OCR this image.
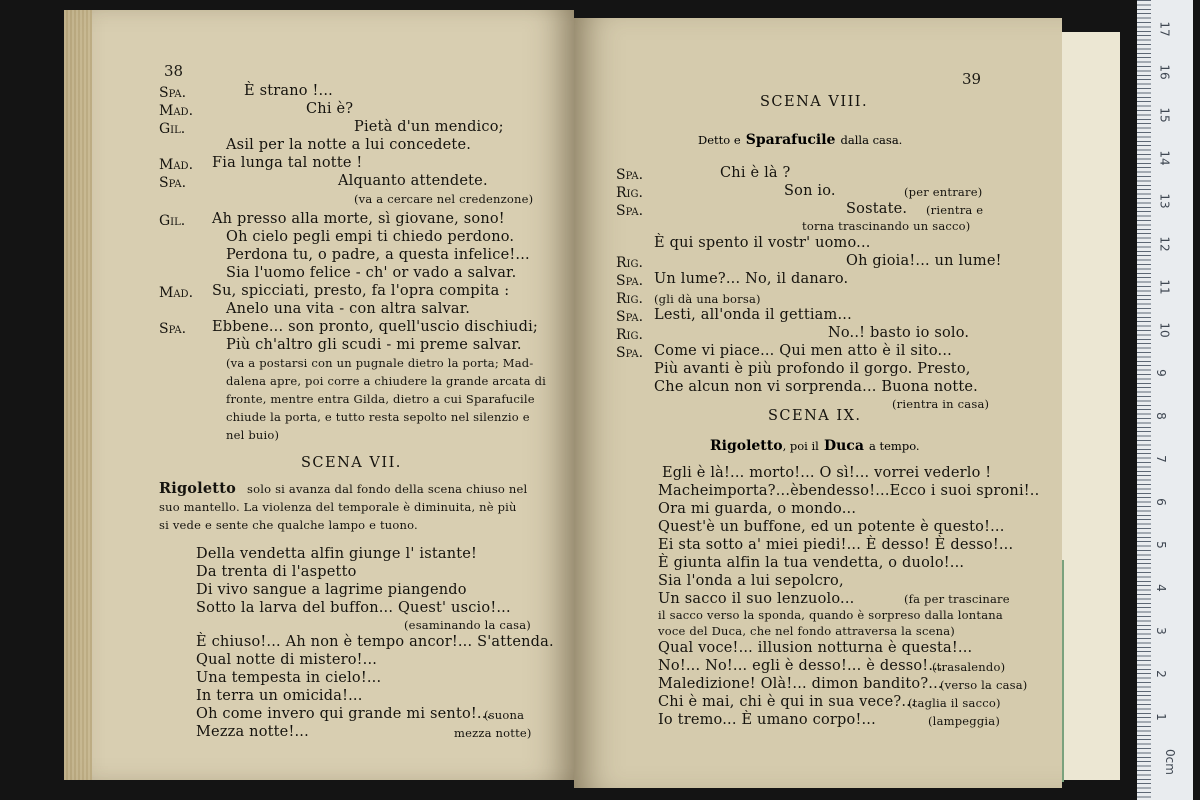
38
Spa.	È strano !...
Mad.	Chi è?
Gil.	Pietà d'un mendico;
Asil per la notte a lui concedete.
Mad. Fia lunga tal notte !
Spa.	Alquanto attendete.
(va a cercare nel credenzone)
Gil. Ah presso alla morte, sì giovane, sono!
Oh cielo pegli empi ti chiedo perdono.
Perdona tu, o padre, a questa infelice!...
Sia l'uomo felice - ch' or vado a salvar.
Mad. Su, spicciati, presto, fa l'opra compita :
Anelo una vita - con altra salvar.
Spa. Ebbene... son pronto, quell'uscio dischiudi;
Più ch'altro gli scudi - mi preme salvar.
(va a postarsi con un pugnale dietro la porta; Mad-
dalena apre, poi corre a chiudere la grande arcata di
fronte, mentre entra Gilda, dietro a cui Sparafucile
chiude la porta, e tutto resta sepolto nel silenzio e
nel buio)
SCENA VII.
Rigoletto solo si avanza dal fondo della scena chiuso nel
suo mantello. La violenza del temporale è diminuita, nè più
si vede e sente che qualche lampo e tuono.
Della vendetta alfin giunge l' istante!
Da trenta di l'aspetto
Di vivo sangue a lagrime piangendo
Sotto la larva del buffon... Quest' uscio!...
(esaminando la casa)
È chiuso!... Ah non è tempo ancor!... S'attenda.
Qual notte di mistero!...
Una tempesta in cielo!...
In terra un omicida!...
Oh come invero qui grande mi sento!...
(suona
Mezza notte!...	mezza notte)
39
SCENA VIII.
Detto e Sparafucile dalla casa.
Spa.	Chi è là ?
Rig.	Son io.	(per entrare)
Spa.	Sostate. (rientra e
torna trascinando un sacco)
È qui spento il vostr' uomo...
Rig.	Oh gioia!... un lume!
Spa. Un lume?... No, il danaro.
Rig. (gli dà una borsa)
Spa. Lesti, all'onda il gettiam...
Rig.	No..! basto io solo.
Spa. Come vi piace... Qui men atto è il sito...
Più avanti è più profondo il gorgo. Presto,
Che alcun non vi sorprenda... Buona notte.
(rientra in casa)
SCENA IX.
Rigoletto, poi il Duca a tempo.
Egli è là!... morto!... O sì!... vorrei vederlo !
Macheimporta?...èbendesso!...Ecco i suoi sproni!..
Ora mi guarda, o mondo...
Quest'è un buffone, ed un potente è questo!...
Ei sta sotto a' miei piedi!... È desso! È desso!...
È giunta alfin la tua vendetta, o duolo!...
Sia l'onda a lui sepolcro,
Un sacco il suo lenzuolo...	(fa per trascinare
il sacco verso la sponda, quando è sorpreso dalla lontana
voce del Duca, che nel fondo attraversa la scena)
Qual voce!... illusion notturna è questa!...
No!... No!... egli è desso!... è desso!...
(trasalendo)
Maledizione! Olà!... dimon bandito?...
(verso la casa)
Chi è mai, chi è qui in sua vece?...
(taglia il sacco)
Io tremo... È umano corpo!...	(lampeggia)
17
16
15
14
13
12
11
10
9
8
7
6
5
4
3
2
1
0cm
